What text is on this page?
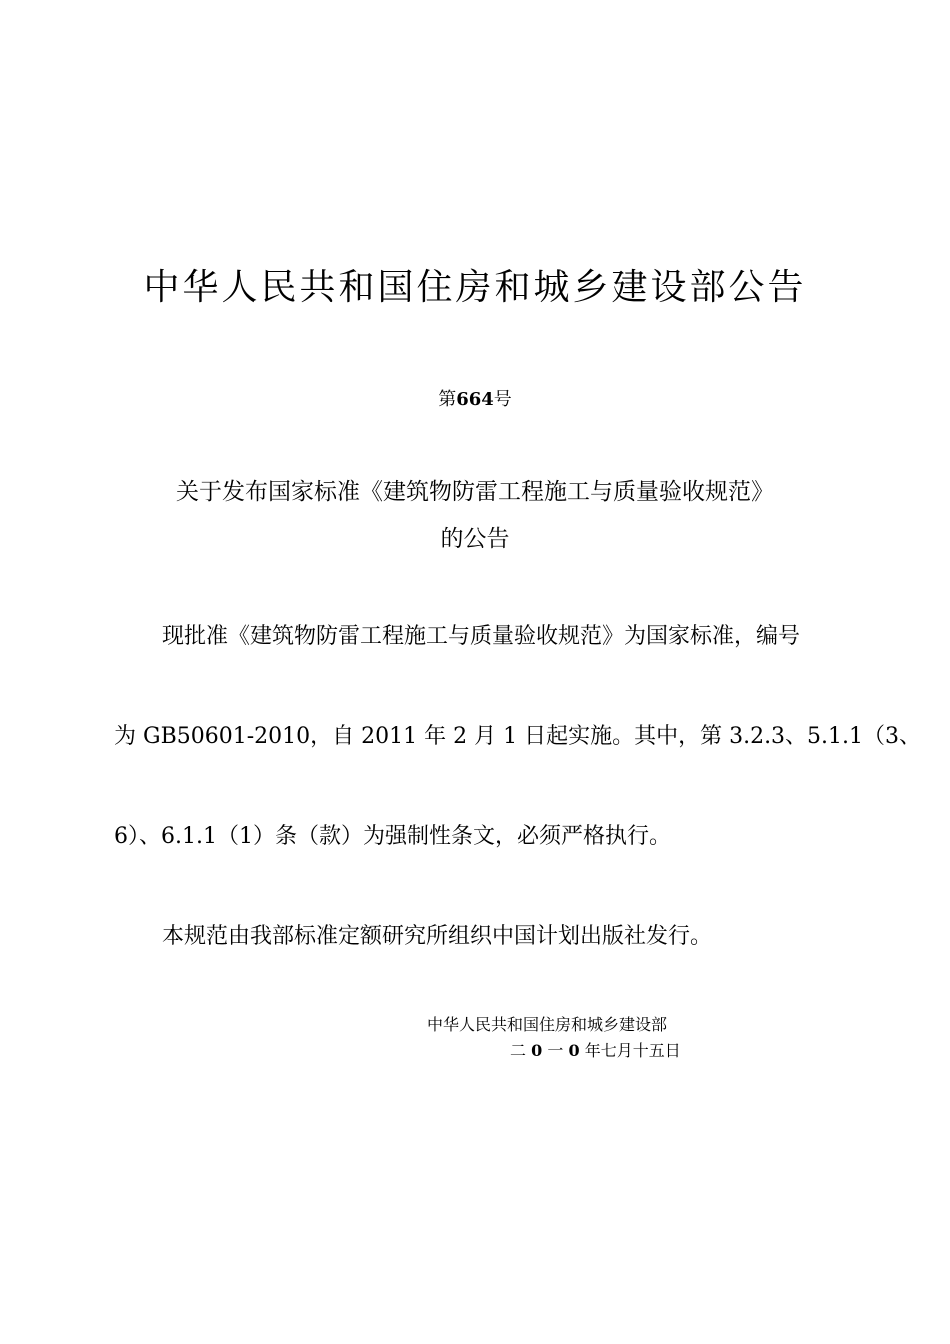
中华人民共和国住房和城乡建设部公告
第664号
关于发布国家标准《建筑物防雷工程施工与质量验收规范》
的公告
现批准《建筑物防雷工程施工与质量验收规范》为国家标准，编号
为 GB50601-2010，自 2011 年 2 月 1 日起实施。其中，第 3.2.3、5.1.1（3、
6）、6.1.1（1）条（款）为强制性条文，必须严格执行。
本规范由我部标准定额研究所组织中国计划出版社发行。
中华人民共和国住房和城乡建设部
二 0 一 0 年七月十五日
